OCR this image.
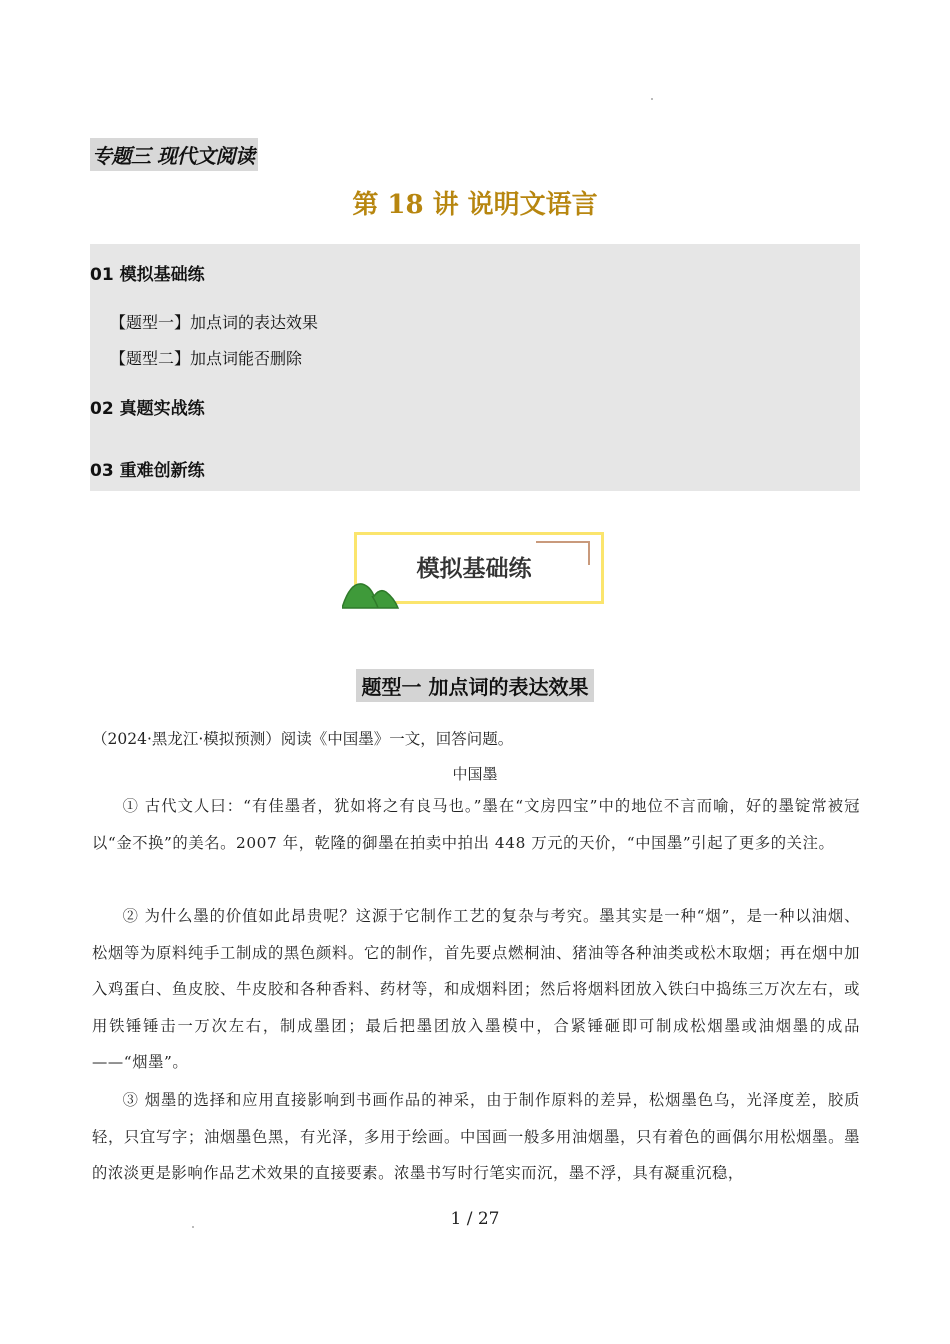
专题三 现代文阅读
第 18 讲 说明文语言
01 模拟基础练
【题型一】加点词的表达效果
【题型二】加点词能否删除
02 真题实战练
03 重难创新练
模拟基础练
题型一 加点词的表达效果
（2024·黑龙江·模拟预测）阅读《中国墨》一文，回答问题。
中国墨

① 古代文人曰：“有佳墨者，犹如将之有良马也。”墨在“文房四宝”中的地位不言而喻，好的墨锭常被冠以“金不换”的美名。2007 年，乾隆的御墨在拍卖中拍出 448 万元的天价，“中国墨”引起了更多的关注。

② 为什么墨的价值如此昂贵呢？这源于它制作工艺的复杂与考究。墨其实是一种“烟”，是一种以油烟、松烟等为原料纯手工制成的黑色颜料。它的制作，首先要点燃桐油、猪油等各种油类或松木取烟；再在烟中加入鸡蛋白、鱼皮胶、牛皮胶和各种香料、药材等，和成烟料团；然后将烟料团放入铁臼中捣练三万次左右，或用铁锤锤击一万次左右，制成墨团；最后把墨团放入墨模中，合紧锤砸即可制成松烟墨或油烟墨的成品——“烟墨”。

③ 烟墨的选择和应用直接影响到书画作品的神采，由于制作原料的差异，松烟墨色乌，光泽度差，胶质轻，只宜写字；油烟墨色黑，有光泽，多用于绘画。中国画一般多用油烟墨，只有着色的画偶尔用松烟墨。墨的浓淡更是影响作品艺术效果的直接要素。浓墨书写时行笔实而沉，墨不浮，具有凝重沉稳，

1 / 27
